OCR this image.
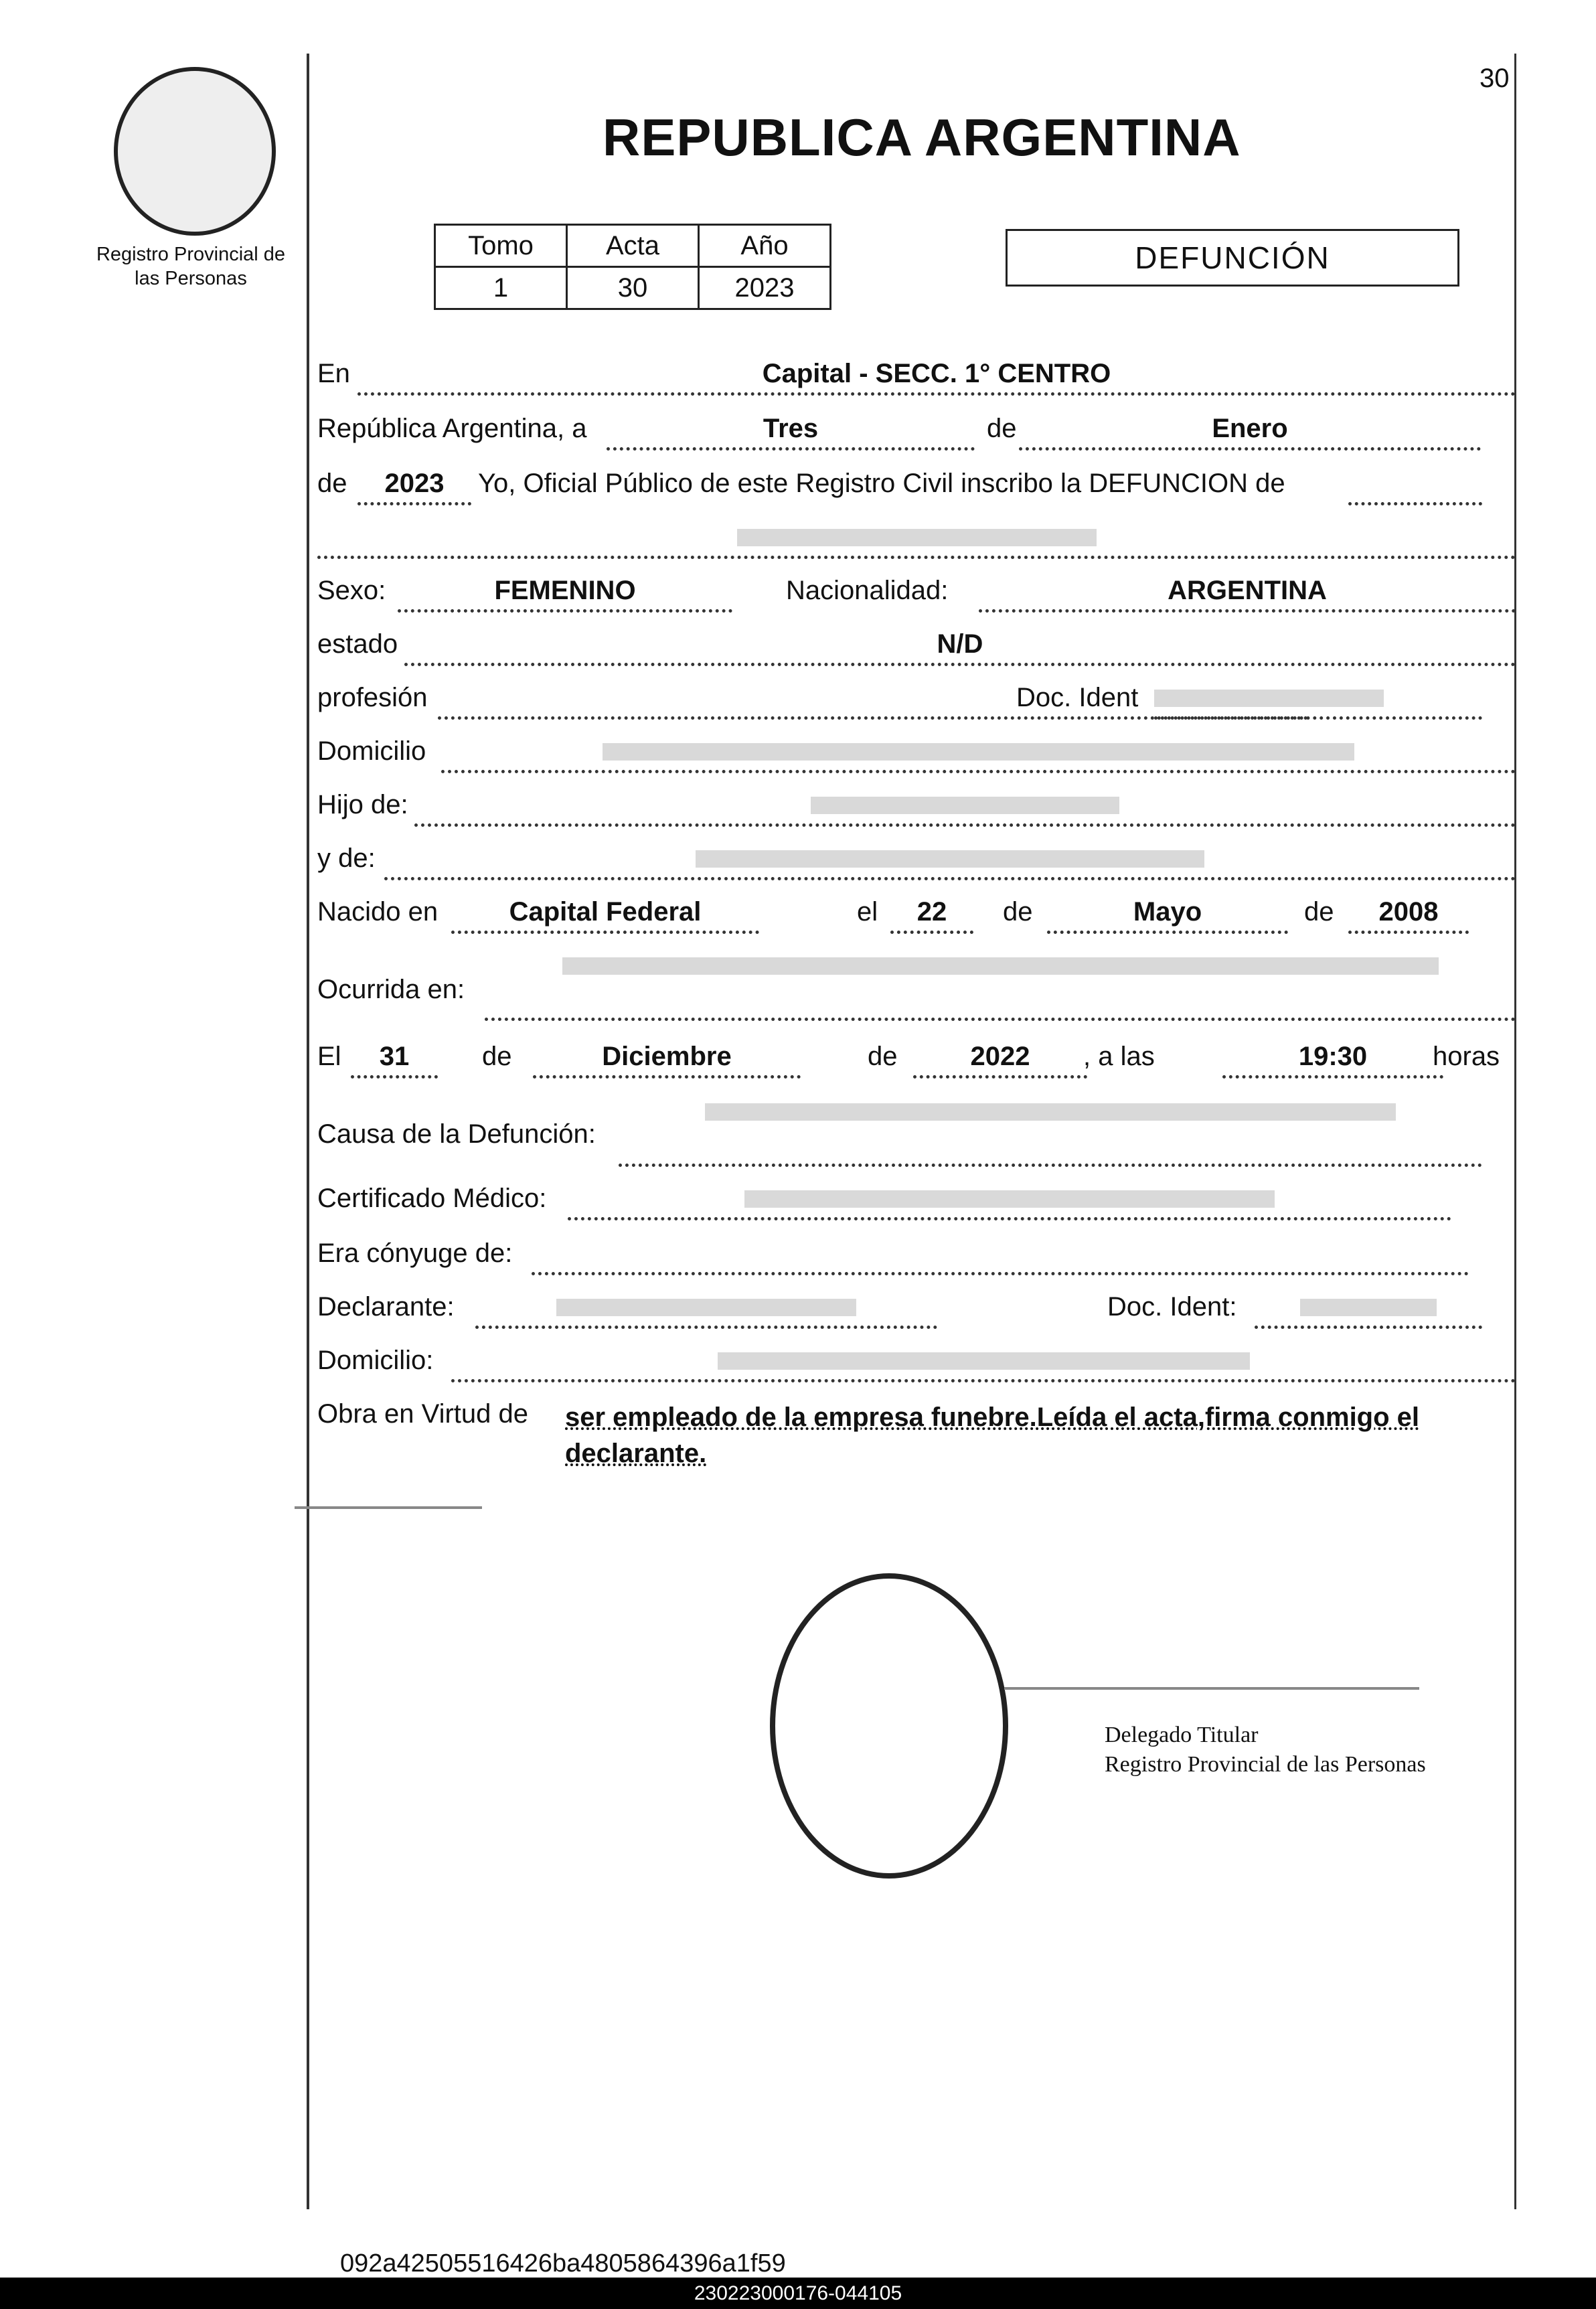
30
Registro Provincial de
las Personas
REPUBLICA ARGENTINA
Tomo	Acta	Año
1	30	2023
DEFUNCIÓN
En	Capital - SECC. 1° CENTRO
República Argentina, a	Tres	de	Enero
de	2023	Yo, Oficial Público de este Registro Civil inscribo la DEFUNCION de
Sexo:	FEMENINO	Nacionalidad:	ARGENTINA
estado	N/D
profesión	Doc. Ident
Domicilio
Hijo de:
y de:
Nacido en	Capital Federal	el	22	de	Mayo	de	2008
Ocurrida en:
El	31	de	Diciembre	de	2022	, a las	19:30	horas
Causa de la Defunción:
Certificado Médico:
Era cónyuge de:
Declarante:	Doc. Ident:
Domicilio:
Obra en Virtud de ser empleado de la empresa funebre.Leída el acta,firma conmigo el declarante.
Delegado Titular
Registro Provincial de las Personas
092a42505516426ba4805864396a1f59
230223000176-044105
